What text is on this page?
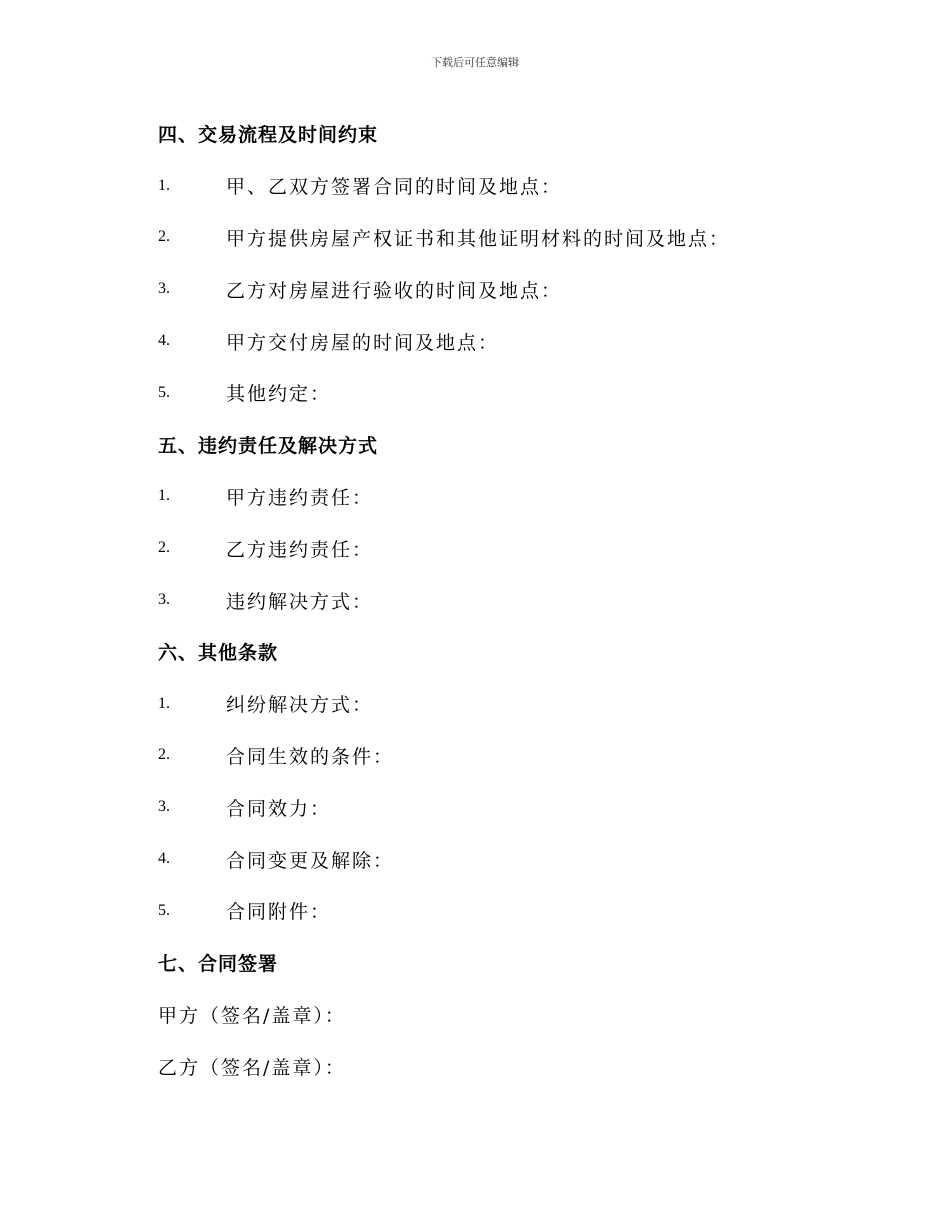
下载后可任意编辑
四、交易流程及时间约束
1.	甲、乙双方签署合同的时间及地点：
2.	甲方提供房屋产权证书和其他证明材料的时间及地点：
3.	乙方对房屋进行验收的时间及地点：
4.	甲方交付房屋的时间及地点：
5.	其他约定：
五、违约责任及解决方式
1.	甲方违约责任：
2.	乙方违约责任：
3.	违约解决方式：
六、其他条款
1.	纠纷解决方式：
2.	合同生效的条件：
3.	合同效力：
4.	合同变更及解除：
5.	合同附件：
七、合同签署
甲方（签名/盖章）：
乙方（签名/盖章）：
